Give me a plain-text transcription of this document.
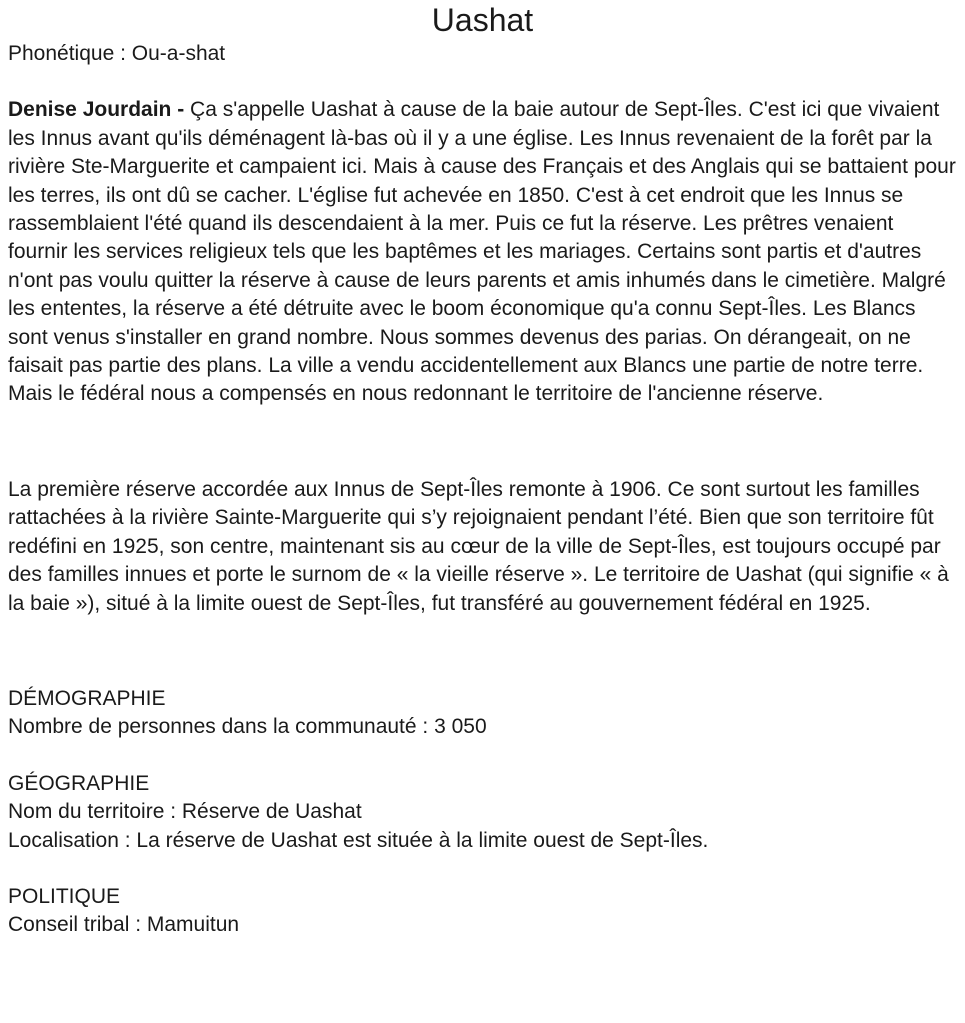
Uashat

Phonétique : Ou-a-shat

Denise Jourdain - Ça s'appelle Uashat à cause de la baie autour de Sept-Îles. C'est ici que vivaient les Innus avant qu'ils déménagent là-bas où il y a une église. Les Innus revenaient de la forêt par la rivière Ste-Marguerite et campaient ici. Mais à cause des Français et des Anglais qui se battaient pour les terres, ils ont dû se cacher. L'église fut achevée en 1850. C'est à cet endroit que les Innus se rassemblaient l'été quand ils descendaient à la mer. Puis ce fut la réserve. Les prêtres venaient fournir les services religieux tels que les baptêmes et les mariages. Certains sont partis et d'autres n'ont pas voulu quitter la réserve à cause de leurs parents et amis inhumés dans le cimetière. Malgré les ententes, la réserve a été détruite avec le boom économique qu'a connu Sept-Îles. Les Blancs sont venus s'installer en grand nombre. Nous sommes devenus des parias. On dérangeait, on ne faisait pas partie des plans. La ville a vendu accidentellement aux Blancs une partie de notre terre. Mais le fédéral nous a compensés en nous redonnant le territoire de l'ancienne réserve.

La première réserve accordée aux Innus de Sept-Îles remonte à 1906. Ce sont surtout les familles rattachées à la rivière Sainte-Marguerite qui s’y rejoignaient pendant l’été. Bien que son territoire fût redéfini en 1925, son centre, maintenant sis au cœur de la ville de Sept-Îles, est toujours occupé par des familles innues et porte le surnom de « la vieille réserve ». Le territoire de Uashat (qui signifie « à la baie »), situé à la limite ouest de Sept-Îles, fut transféré au gouvernement fédéral en 1925.

DÉMOGRAPHIE
Nombre de personnes dans la communauté : 3 050
GÉOGRAPHIE
Nom du territoire : Réserve de Uashat
Localisation : La réserve de Uashat est située à la limite ouest de Sept-Îles.
POLITIQUE
Conseil tribal : Mamuitun
